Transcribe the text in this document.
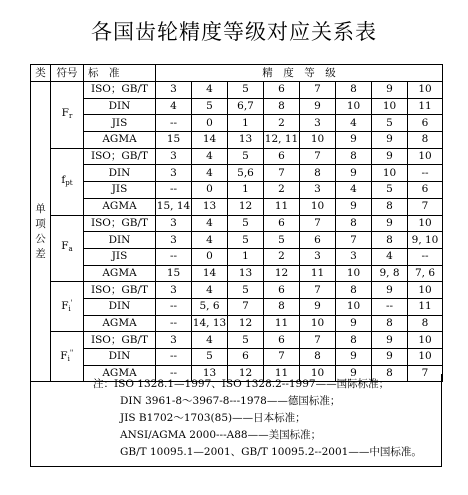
各国齿轮精度等级对应关系表
类	符号	标　准	精　度　等　级							

单
项
公
差	$F_r$	ISO；GB/T	3	4	5	6	7	8	9	10
		DIN	4	5	6,7	8	9	10	10	11
		JIS	--	0	1	2	3	4	5	6
		AGMA	15	14	13	12, 11	10	9	9	8
	$f_{pt}$	ISO；GB/T	3	4	5	6	7	8	9	10
		DIN	3	4	5,6	7	8	9	10	--
		JIS	--	0	1	2	3	4	5	6
		AGMA	15, 14	13	12	11	10	9	8	7
	$F_a$	ISO；GB/T	3	4	5	6	7	8	9	10
		DIN	3	4	5	5	6	7	8	9, 10
		JIS	--	0	1	2	3	3	4	--
		AGMA	15	14	13	12	11	10	9, 8	7, 6
	$F_i'$	ISO；GB/T	3	4	5	6	7	8	9	10
		DIN	--	5, 6	7	8	9	10	--	11
		AGMA	--	14, 13	12	11	10	9	8	8
	$F_i''$	ISO；GB/T	3	4	5	6	7	8	9	10
		DIN	--	5	6	7	8	9	9	10
		AGMA	--	13	12	11	10	9	8	7
注：ISO 1328.1—1997、ISO 1328.2--1997——国际标准；
DIN 3961-8～3967-8---1978——德国标准；
JIS B1702～1703(85)——日本标准；
ANSI/AGMA 2000---A88——美国标准；
GB/T 10095.1—2001、GB/T 10095.2--2001——中国标准。
